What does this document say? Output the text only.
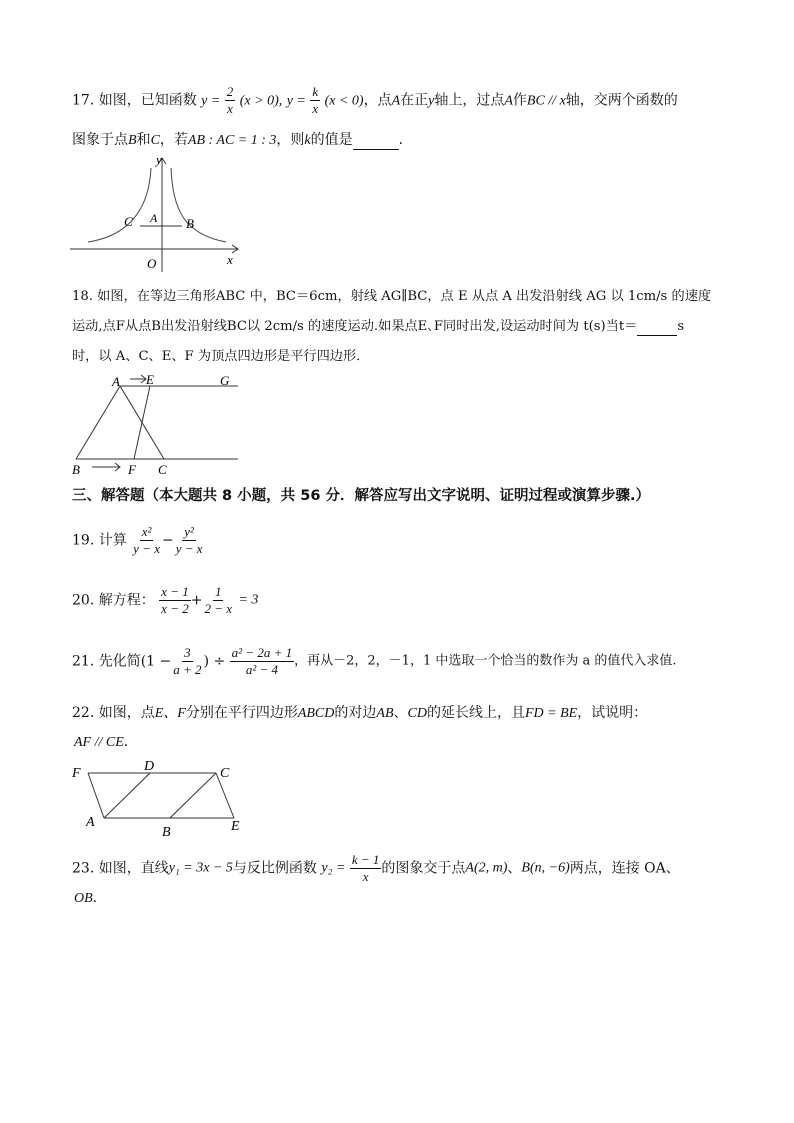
17. 如图，已知函数 $y = \frac{2}{x} (x > 0)$, $y = \frac{k}{x} (x < 0)$，点A在正y轴上，过点A作BC // x轴，交两个函数的
图象于点B和C，若AB : AC = 1 : 3，则k的值是	．
y
x
O
A B
C
18. 如图，在等边三角形ABC 中，BC＝6cm，射线 AG∥BC，点 E 从点 A 出发沿射线 AG 以 1cm/s 的速度
运动,点F从点B出发沿射线BC以 2cm/s 的速度运动.如果点E､F同时出发,设运动时间为 t(s)当t＝	s
时，以 A、C、E、F 为顶点四边形是平行四边形．
A E	G
B	F C
三、解答题（本大题共 8 小题，共 56 分．解答应写出文字说明、证明过程或演算步骤.）
19. 计算 $\frac{\text{x²}}{y - x} - \frac{\text{y²}}{y - x}$
20. 解方程： $\frac{x - 1}{x - 2} + \frac{1}{2 - x} = 3$
21. 先化简($1 - \frac{3}{a + 2}$ ) ÷ $\frac{\text{a² − 2a + 1}}{\text{a² − 4}}$ ，再从－2，2，－1，1 中选取一个恰当的数作为 a 的值代入求值.
22. 如图，点E、F分别在平行四边形ABCD的对边AB、CD的延长线上，且FD = BE，试说明：
AF // CE．
F	D	C
A
B	E
23. 如图，直线y₁ = 3x − 5与反比例函数 $y_2 = \frac{k - 1}{x}$ 的图象交于点A(2, m)、B(n, −6)两点，连接 OA、
OB．
